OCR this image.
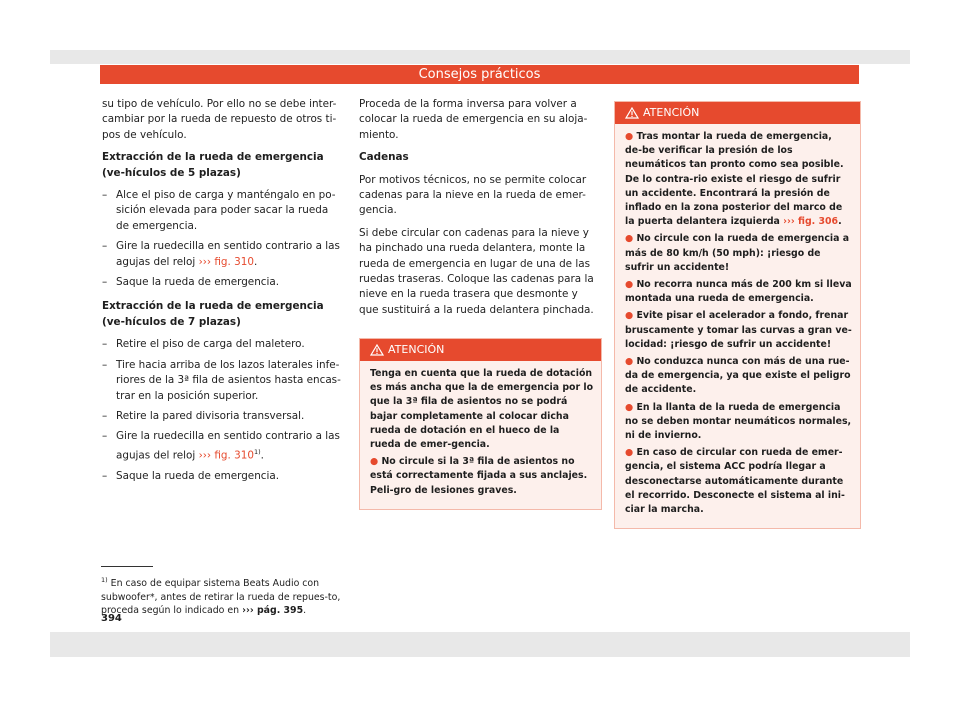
Consejos prácticos

su tipo de vehículo. Por ello no se debe inter-cambiar por la rueda de repuesto de otros ti-pos de vehículo.

Extracción de la rueda de emergencia (ve-hículos de 5 plazas)

– Alce el piso de carga y manténgalo en po-sición elevada para poder sacar la rueda de emergencia.
– Gire la ruedecilla en sentido contrario a las agujas del reloj ››› fig. 310.
– Saque la rueda de emergencia.

Extracción de la rueda de emergencia (ve-hículos de 7 plazas)

– Retire el piso de carga del maletero.
– Tire hacia arriba de los lazos laterales infe-riores de la 3ª fila de asientos hasta encas-trar en la posición superior.
– Retire la pared divisoria transversal.
– Gire la ruedecilla en sentido contrario a las agujas del reloj ››› fig. 310$^{1)}$.
– Saque la rueda de emergencia.

Proceda de la forma inversa para volver a colocar la rueda de emergencia en su aloja-miento.

Cadenas

Por motivos técnicos, no se permite colocar cadenas para la nieve en la rueda de emer-gencia.

Si debe circular con cadenas para la nieve y ha pinchado una rueda delantera, monte la rueda de emergencia en lugar de una de las ruedas traseras. Coloque las cadenas para la nieve en la rueda trasera que desmonte y que sustituirá a la rueda delantera pinchada.

ATENCIÓN

Tenga en cuenta que la rueda de dotación es más ancha que la de emergencia por lo que la 3ª fila de asientos no se podrá bajar completamente al colocar dicha rueda de dotación en el hueco de la rueda de emer-gencia.

● No circule si la 3ª fila de asientos no está correctamente fijada a sus anclajes. Peli-gro de lesiones graves.

ATENCIÓN

● Tras montar la rueda de emergencia, de-be verificar la presión de los neumáticos tan pronto como sea posible. De lo contra-rio existe el riesgo de sufrir un accidente. Encontrará la presión de inflado en la zona posterior del marco de la puerta delantera izquierda ››› fig. 306.

● No circule con la rueda de emergencia a más de 80 km/h (50 mph): ¡riesgo de sufrir un accidente!

● No recorra nunca más de 200 km si lleva montada una rueda de emergencia.

● Evite pisar el acelerador a fondo, frenar bruscamente y tomar las curvas a gran ve-locidad: ¡riesgo de sufrir un accidente!

● No conduzca nunca con más de una rue-da de emergencia, ya que existe el peligro de accidente.

● En la llanta de la rueda de emergencia no se deben montar neumáticos normales, ni de invierno.

● En caso de circular con rueda de emer-gencia, el sistema ACC podría llegar a desconectarse automáticamente durante el recorrido. Desconecte el sistema al ini-ciar la marcha.

$^{1)}$ En caso de equipar sistema Beats Audio con subwoofer*, antes de retirar la rueda de repues-to, proceda según lo indicado en ››› pág. 395.
394
